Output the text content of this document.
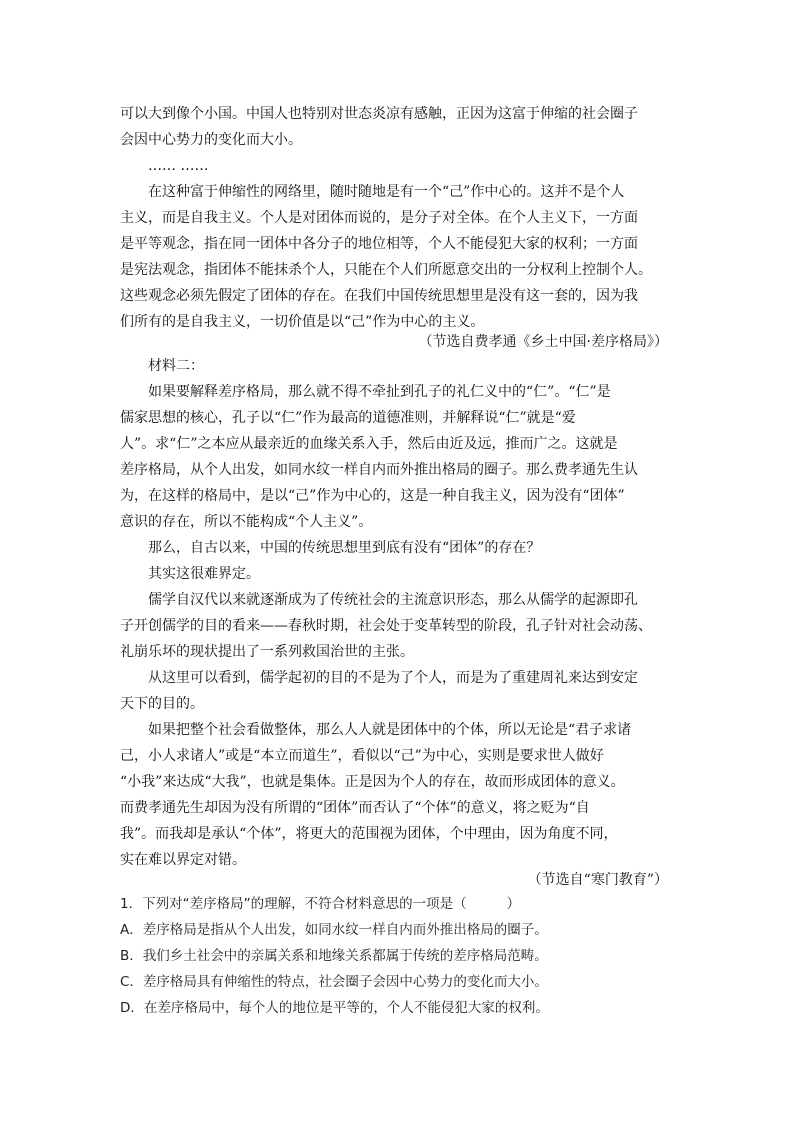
可以大到像个小国。中国人也特别对世态炎凉有感触，正因为这富于伸缩的社会圈子
会因中心势力的变化而大小。
…… ……
在这种富于伸缩性的网络里，随时随地是有一个“己”作中心的。这并不是个人
主义，而是自我主义。个人是对团体而说的，是分子对全体。在个人主义下，一方面
是平等观念，指在同一团体中各分子的地位相等，个人不能侵犯大家的权利；一方面
是宪法观念，指团体不能抹杀个人，只能在个人们所愿意交出的一分权利上控制个人。
这些观念必须先假定了团体的存在。在我们中国传统思想里是没有这一套的，因为我
们所有的是自我主义，一切价值是以“己”作为中心的主义。
（节选自费孝通《乡土中国·差序格局》）
材料二：
如果要解释差序格局，那么就不得不牵扯到孔子的礼仁义中的“仁”。“仁”是
儒家思想的核心，孔子以“仁”作为最高的道德准则，并解释说“仁”就是“爱
人”。求“仁”之本应从最亲近的血缘关系入手，然后由近及远，推而广之。这就是
差序格局，从个人出发，如同水纹一样自内而外推出格局的圈子。那么费孝通先生认
为，在这样的格局中，是以“己”作为中心的，这是一种自我主义，因为没有“团体”
意识的存在，所以不能构成“个人主义”。
那么，自古以来，中国的传统思想里到底有没有“团体”的存在？
其实这很难界定。
儒学自汉代以来就逐渐成为了传统社会的主流意识形态，那么从儒学的起源即孔
子开创儒学的目的看来——春秋时期，社会处于变革转型的阶段，孔子针对社会动荡、
礼崩乐坏的现状提出了一系列救国治世的主张。
从这里可以看到，儒学起初的目的不是为了个人，而是为了重建周礼来达到安定
天下的目的。
如果把整个社会看做整体，那么人人就是团体中的个体，所以无论是“君子求诸
己，小人求诸人”或是“本立而道生”，看似以“己”为中心，实则是要求世人做好
“小我”来达成“大我”，也就是集体。正是因为个人的存在，故而形成团体的意义。
而费孝通先生却因为没有所谓的“团体”而否认了“个体”的意义，将之贬为“自
我”。而我却是承认“个体”，将更大的范围视为团体，个中理由，因为角度不同，
实在难以界定对错。
（节选自“寒门教育”）
1．下列对“差序格局”的理解，不符合材料意思的一项是（	）
A．差序格局是指从个人出发，如同水纹一样自内而外推出格局的圈子。
B．我们乡土社会中的亲属关系和地缘关系都属于传统的差序格局范畴。
C．差序格局具有伸缩性的特点，社会圈子会因中心势力的变化而大小。
D．在差序格局中，每个人的地位是平等的，个人不能侵犯大家的权利。
